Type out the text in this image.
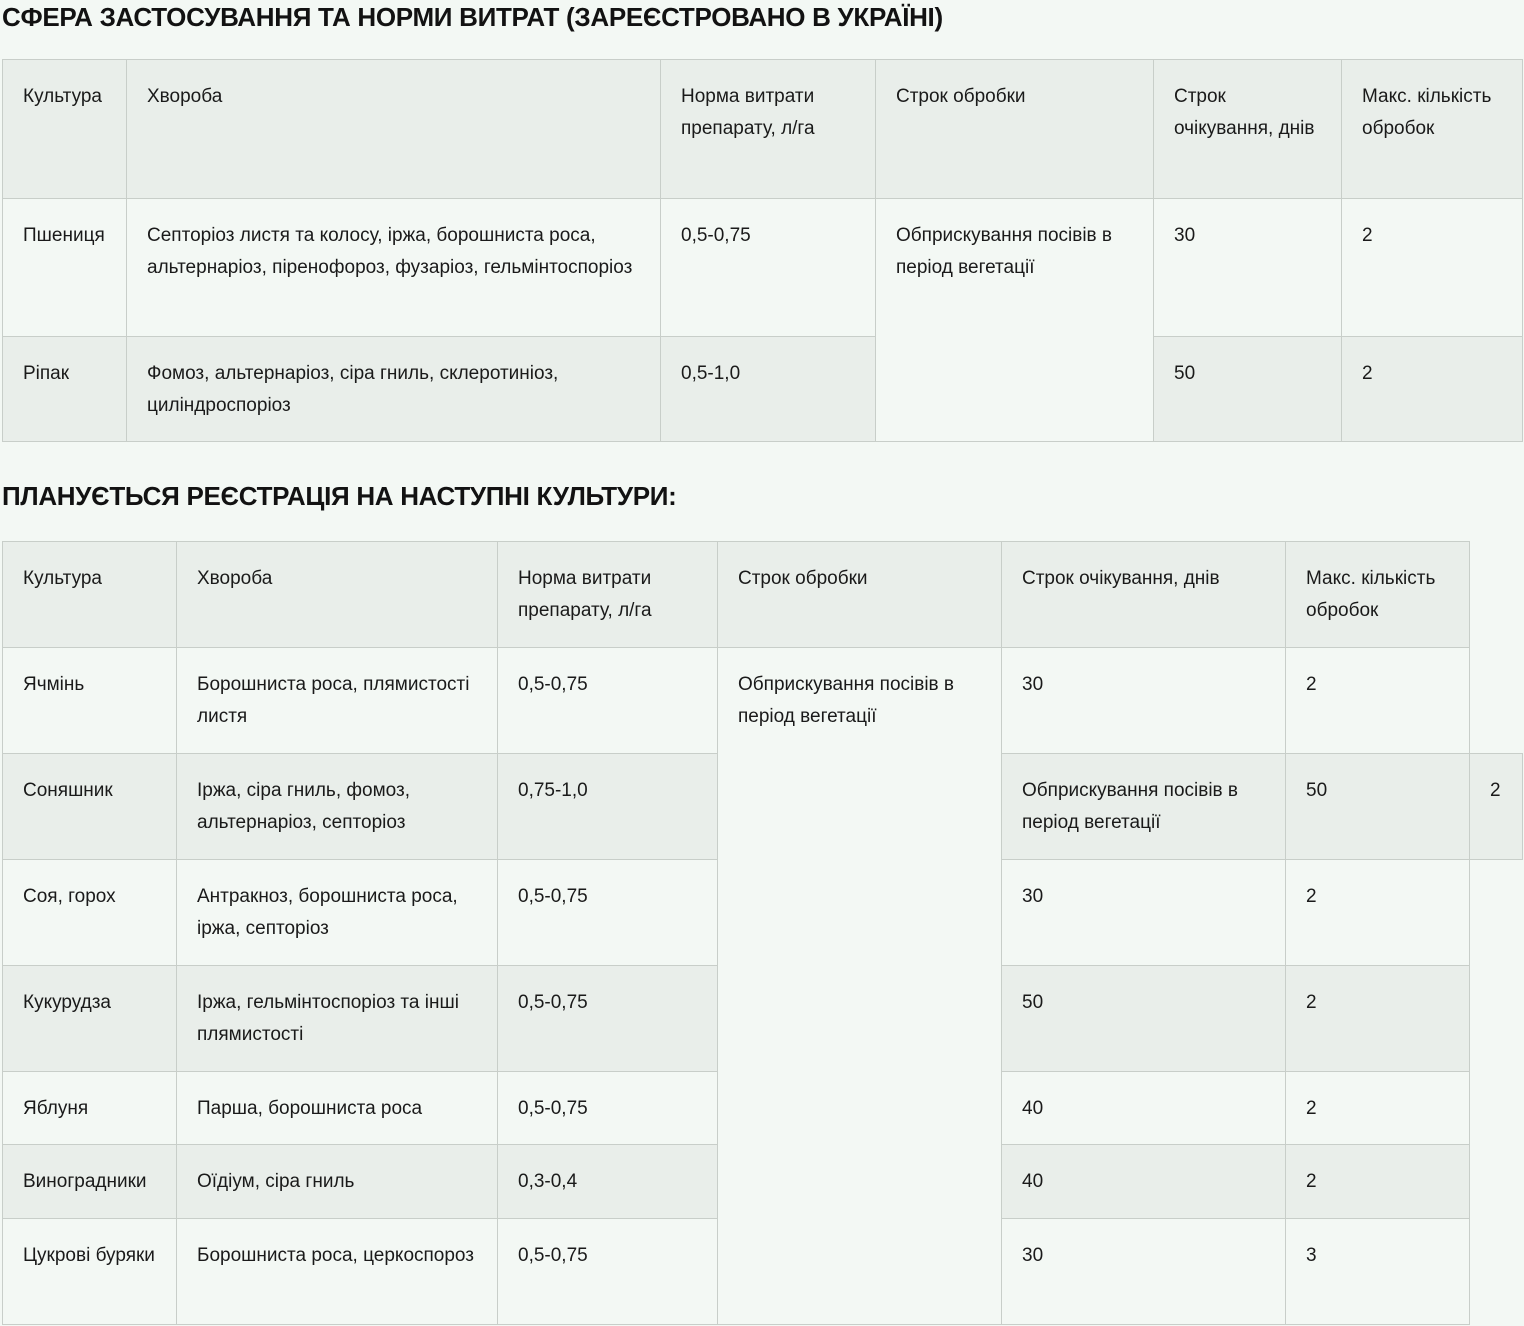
СФЕРА ЗАСТОСУВАННЯ ТА НОРМИ ВИТРАТ (ЗАРЕЄСТРОВАНО В УКРАЇНІ)
Культура	Хвороба	Норма витрати препарату, л/га	Строк обробки	Строк очікування, днів	Макс. кількість обробок
Пшениця	Септоріоз листя та колосу, іржа, борошниста роса, альтернаріоз, піренофороз, фузаріоз, гельмінтоспоріоз	0,5-0,75	Обприскування посівів в період вегетації	30	2
Ріпак	Фомоз, альтернаріоз, сіра гниль, склеротиніоз, циліндроспоріоз	0,5-1,0		50	2
ПЛАНУЄТЬСЯ РЕЄСТРАЦІЯ НА НАСТУПНІ КУЛЬТУРИ:
Культура	Хвороба	Норма витрати препарату, л/га	Строк обробки	Строк очікування, днів	Макс. кількість обробок	
Ячмінь	Борошниста роса, плямистості листя	0,5-0,75	Обприскування посівів в період вегетації	30	2	
Соняшник	Іржа, сіра гниль, фомоз, альтернаріоз, септоріоз	0,75-1,0		Обприскування посівів в період вегетації	50	2
Соя, горох	Антракноз, борошниста роса, іржа, септоріоз	0,5-0,75		30	2	
Кукурудза	Іржа, гельмінтоспоріоз та інші плямистості	0,5-0,75		50	2	
Яблуня	Парша, борошниста роса	0,5-0,75		40	2	
Виноградники	Оїдіум, сіра гниль	0,3-0,4		40	2	
Цукрові буряки	Борошниста роса, церкоспороз	0,5-0,75		30	3	
